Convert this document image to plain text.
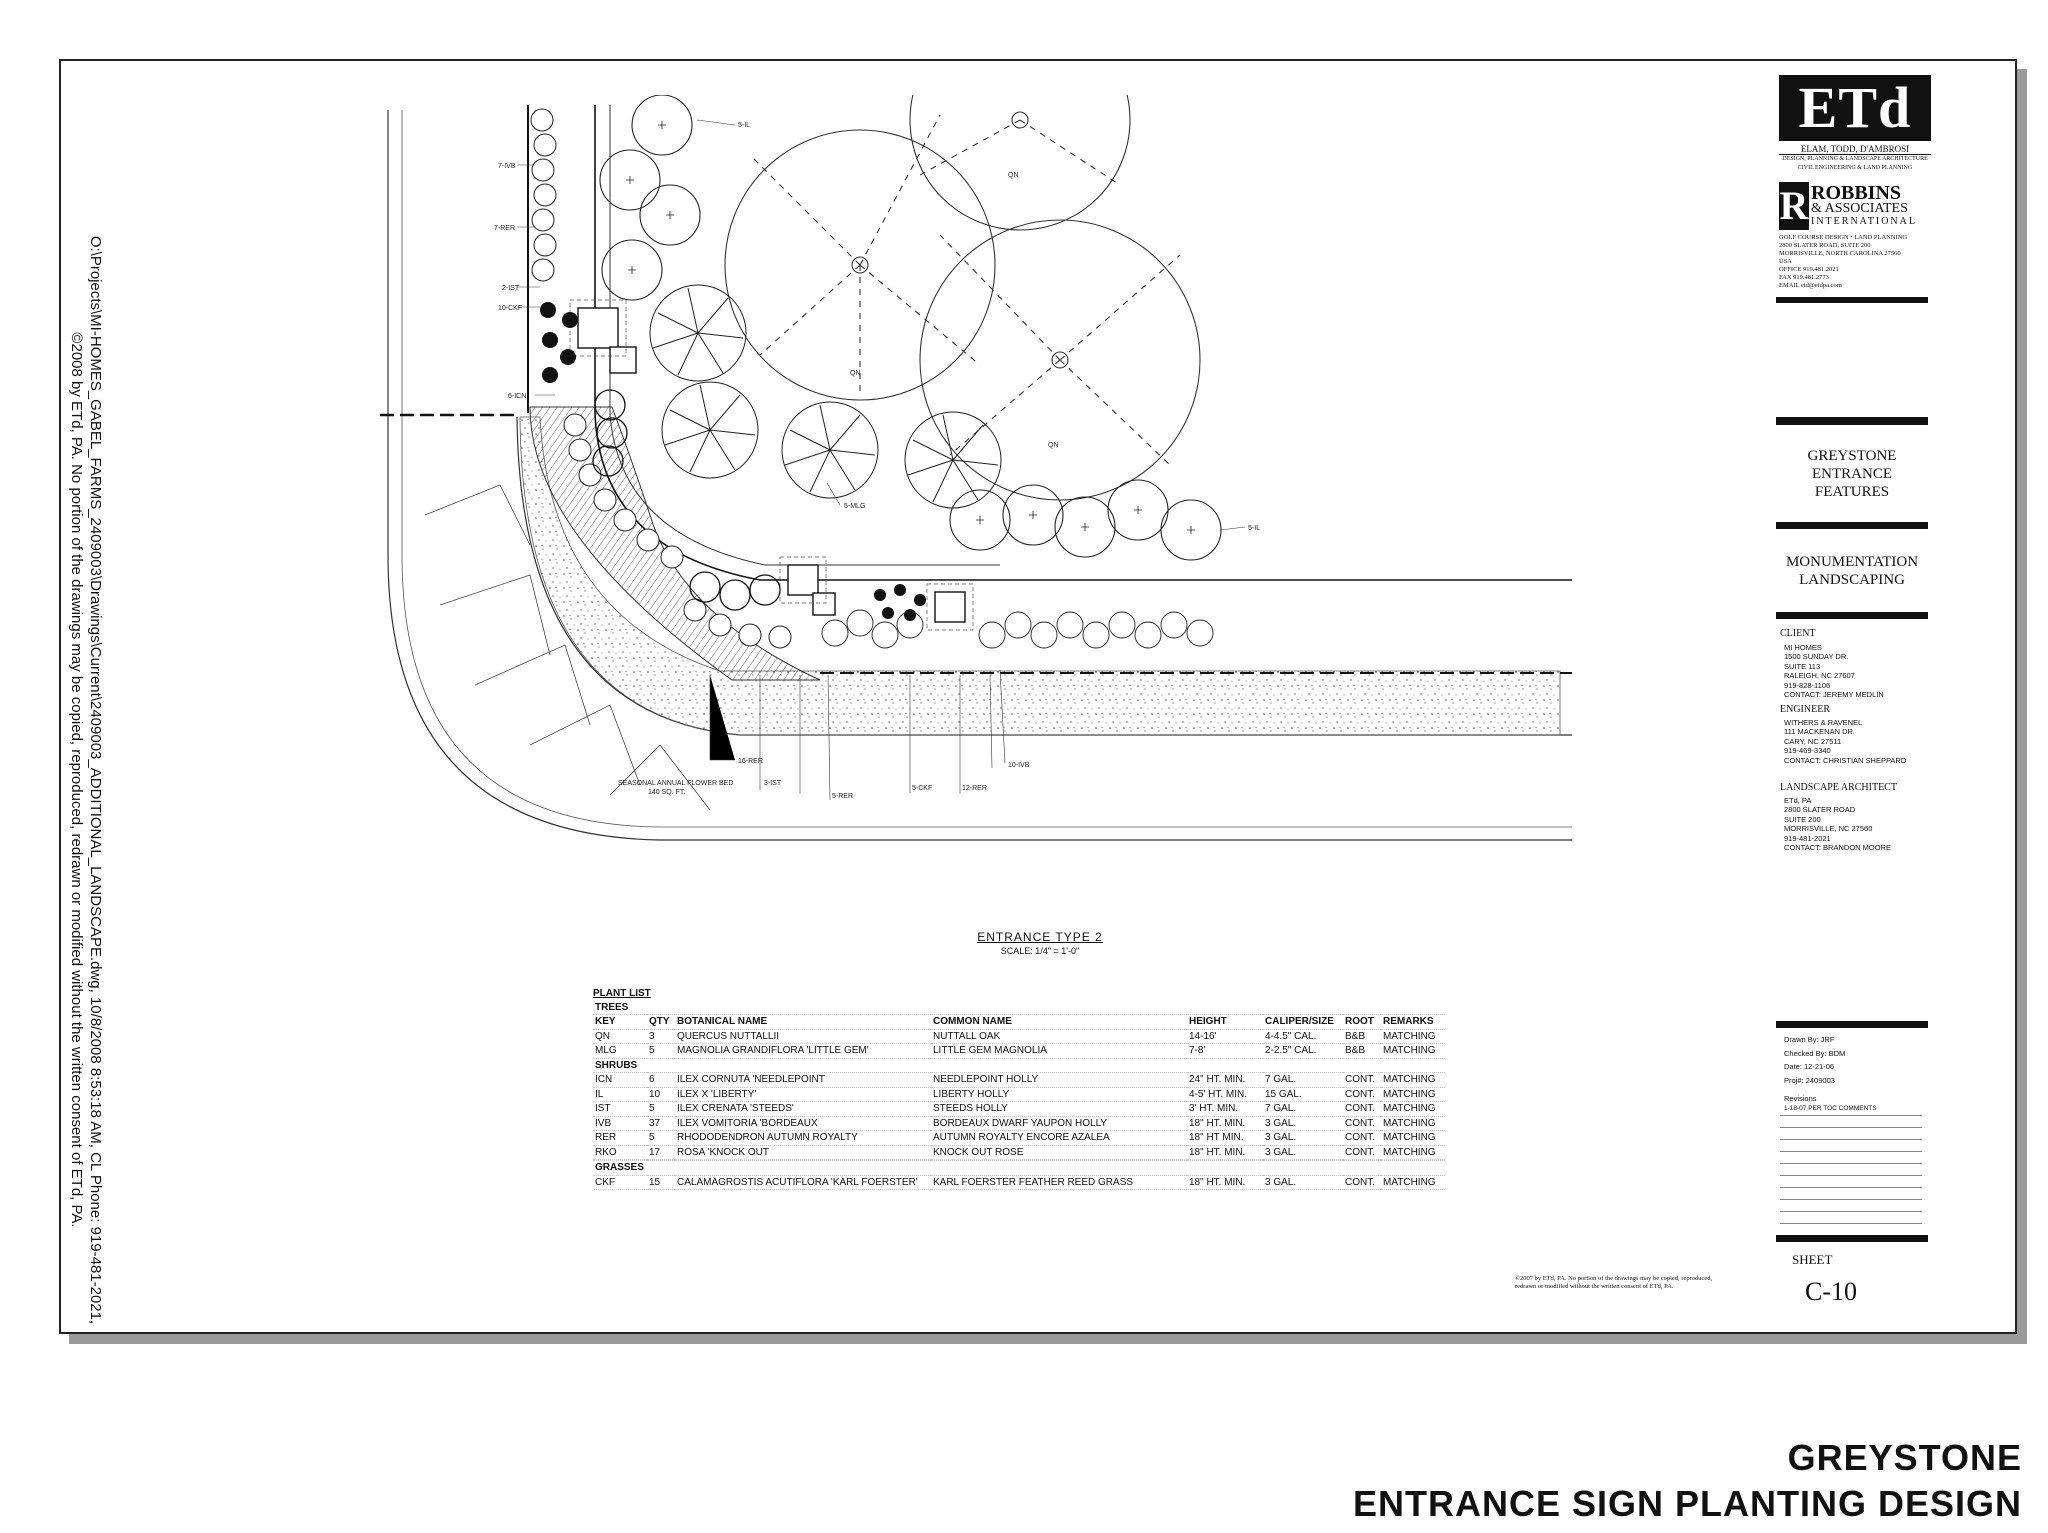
O:\Projects\MI-HOMES_GABEL_FARMS_2409003\Drawings\Current\2409003_ADDITIONAL_LANDSCAPE.dwg, 10/8/2008 8:53:18 AM, CL Phone: 919-481-2021,
©2008 by ETd, PA. No portion of the drawings may be copied, reproduced, redrawn or modified without the written consent of ETd, PA.	QN
QN
QN
7-IVB
7-RER
2-IST
10-CKF
6-ICN
5-IL
5-IL
5-MLG
16-RER
3-IST
5-RER
5-CKF	12-RER
10-IVB
SEASONAL ANNUAL FLOWER BED
140 SQ. FT.
ENTRANCE TYPE 2
SCALE: 1/4" = 1'-0"
PLANT LIST
TREES							
KEY	QTY	BOTANICAL NAME	COMMON NAME	HEIGHT	CALIPER/SIZE	ROOT	REMARKS
QN	3	QUERCUS NUTTALLII	NUTTALL OAK	14-16'	4-4.5" CAL.	B&B	MATCHING
MLG	5	MAGNOLIA GRANDIFLORA 'LITTLE GEM'	LITTLE GEM MAGNOLIA	7-8'	2-2.5" CAL.	B&B	MATCHING
SHRUBS							
ICN	6	ILEX CORNUTA 'NEEDLEPOINT	NEEDLEPOINT HOLLY	24" HT. MIN.	7 GAL.	CONT.	MATCHING
IL	10	ILEX X 'LIBERTY'	LIBERTY HOLLY	4-5' HT. MIN.	15 GAL.	CONT.	MATCHING
IST	5	ILEX CRENATA 'STEEDS'	STEEDS HOLLY	3' HT. MIN.	7 GAL.	CONT.	MATCHING
IVB	37	ILEX VOMITORIA 'BORDEAUX	BORDEAUX DWARF YAUPON HOLLY	18" HT. MIN.	3 GAL.	CONT.	MATCHING
RER	5	RHODODENDRON AUTUMN ROYALTY	AUTUMN ROYALTY ENCORE AZALEA	18" HT MIN.	3 GAL.	CONT.	MATCHING
RKO	17	ROSA 'KNOCK OUT	KNOCK OUT ROSE	18" HT. MIN.	3 GAL.	CONT.	MATCHING

GRASSES							
CKF	15	CALAMAGROSTIS ACUTIFLORA 'KARL FOERSTER'	KARL FOERSTER FEATHER REED GRASS	18" HT. MIN.	3 GAL.	CONT.	MATCHING
ETd
ELAM, TODD, D'AMBROSI
DESIGN, PLANNING & LANDSCAPE ARCHITECTURE
CIVIL ENGINEERING & LAND PLANNING
R ROBBINS
& ASSOCIATES
INTERNATIONAL
GOLF COURSE DESIGN • LAND PLANNING
2800 SLATER ROAD, SUITE 200
MORRISVILLE, NORTH CAROLINA 27560
USA
OFFICE 919.481.2021
FAX 919.481.2773
EMAIL etd@etdpa.com
GREYSTONE
ENTRANCE
FEATURES
MONUMENTATION
LANDSCAPING
CLIENT
MI HOMES
1500 SUNDAY DR.
SUITE 113
RALEIGH, NC 27607
919-828-1106
CONTACT: JEREMY MEDLIN
ENGINEER
WITHERS & RAVENEL
111 MACKENAN DR.
CARY, NC 27511
919-469-3340
CONTACT: CHRISTIAN SHEPPARD
LANDSCAPE ARCHITECT
ETd, PA
2800 SLATER ROAD
SUITE 200
MORRISVILLE, NC 27560
919-481-2021
CONTACT: BRANDON MOORE
Drawn By: JRF
Checked By: BDM
Date: 12-21-06
Proj#: 2409003
Revisions
1-18-07 PER TOC COMMENTS
SHEET
C-10
©2007 by ETd, PA. No portion of the drawings may be copied, reproduced, redrawn or modified without the written consent of ETd, PA.
GREYSTONE
ENTRANCE SIGN PLANTING DESIGN
